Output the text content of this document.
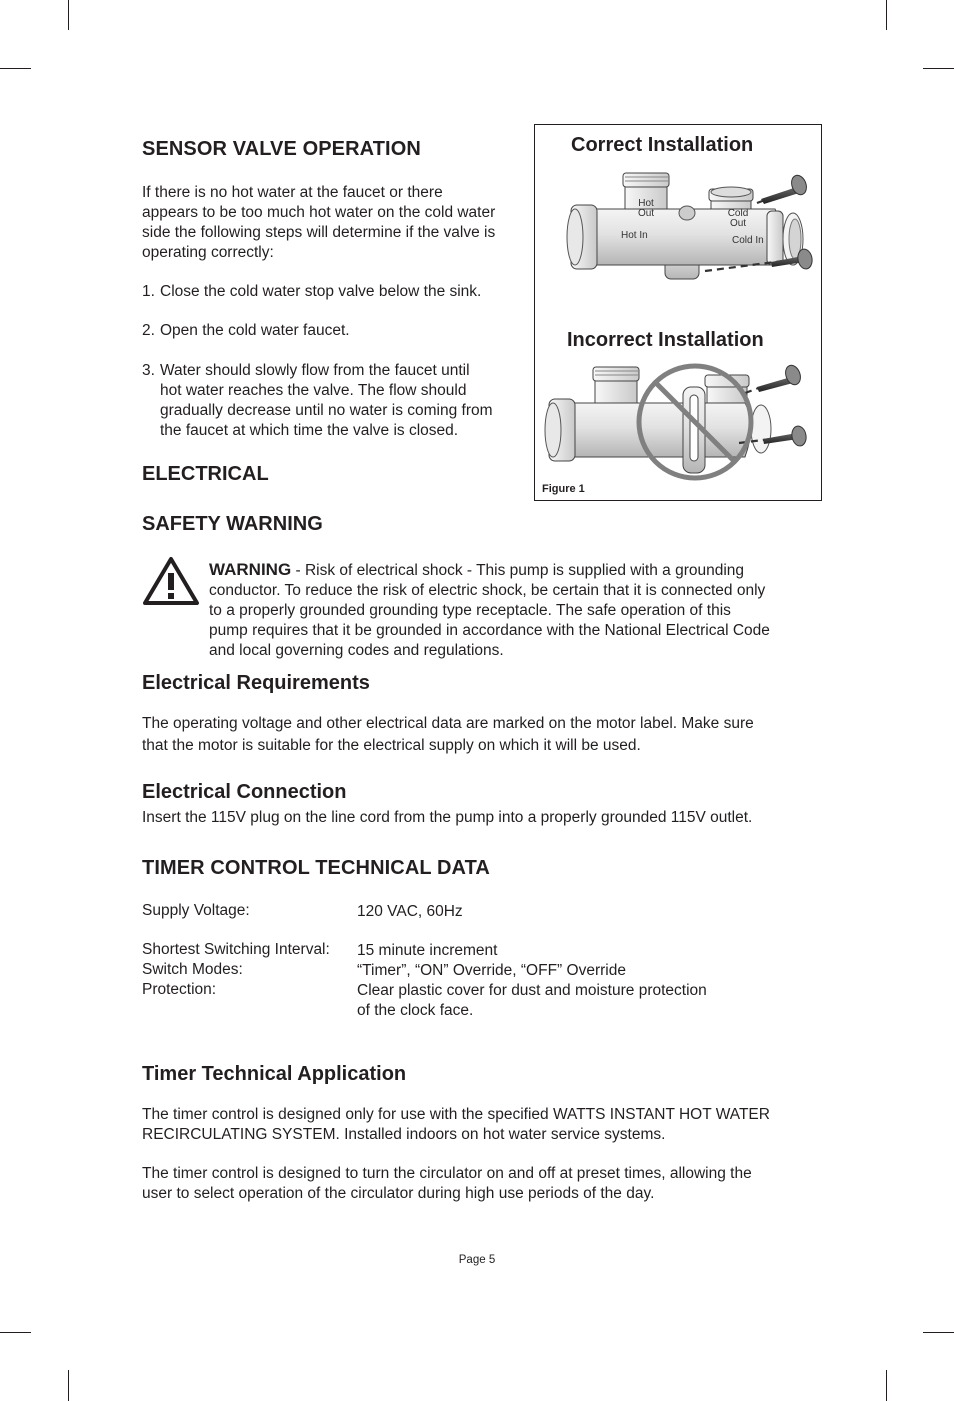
SENSOR VALVE OPERATION
If there is no hot water at the faucet or there
appears to be too much hot water on the cold water
side the following steps will determine if the valve is
operating correctly:
1. Close the cold water stop valve below the sink.
2. Open the cold water faucet.
3. Water should slowly flow from the faucet until
hot water reaches the valve. The flow should
gradually decrease until no water is coming from
the faucet at which time the valve is closed.
ELECTRICAL
Correct Installation
Incorrect Installation
Figure 1
Hot
Out	Cold
Out
Hot In	Cold In
SAFETY WARNING
WARNING - Risk of electrical shock - This pump is supplied with a grounding
conductor. To reduce the risk of electric shock, be certain that it is connected only
to a properly grounded grounding type receptacle. The safe operation of this
pump requires that it be grounded in accordance with the National Electrical Code
and local governing codes and regulations.
Electrical Requirements
The operating voltage and other electrical data are marked on the motor label. Make sure
that the motor is suitable for the electrical supply on which it will be used.
Electrical Connection
Insert the 115V plug on the line cord from the pump into a properly grounded 115V outlet.
TIMER CONTROL TECHNICAL DATA
Supply Voltage:	120 VAC, 60Hz
Shortest Switching Interval: 15 minute increment
Switch Modes:	“Timer”, “ON” Override, “OFF” Override
Protection:	Clear plastic cover for dust and moisture protection
of the clock face.
Timer Technical Application
The timer control is designed only for use with the specified WATTS INSTANT HOT WATER
RECIRCULATING SYSTEM. Installed indoors on hot water service systems.
The timer control is designed to turn the circulator on and off at preset times, allowing the
user to select operation of the circulator during high use periods of the day.
Page 5
